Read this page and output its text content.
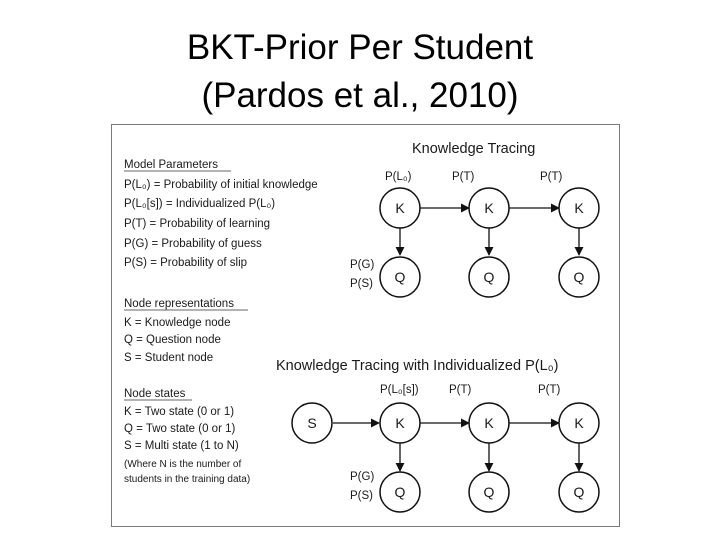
BKT-Prior Per Student
(Pardos et al., 2010)
Model Parameters
P(L₀) = Probability of initial knowledge
P(L₀[s]) = Individualized P(L₀)
P(T) = Probability of learning
P(G) = Probability of guess
P(S) = Probability of slip
Node representations
K = Knowledge node
Q = Question node
S = Student node
Node states
K = Two state (0 or 1)
Q = Two state (0 or 1)
S = Multi state (1 to N)
(Where N is the number of
students in the training data)
Knowledge Tracing
P(L₀)	P(T)	P(T)
P(G)
P(S)
K	K	K
Q	Q	Q
Knowledge Tracing with Individualized P(L₀)
P(L₀[s])	P(T)	P(T)
P(G)
P(S)
S	K	K	K
Q	Q	Q
